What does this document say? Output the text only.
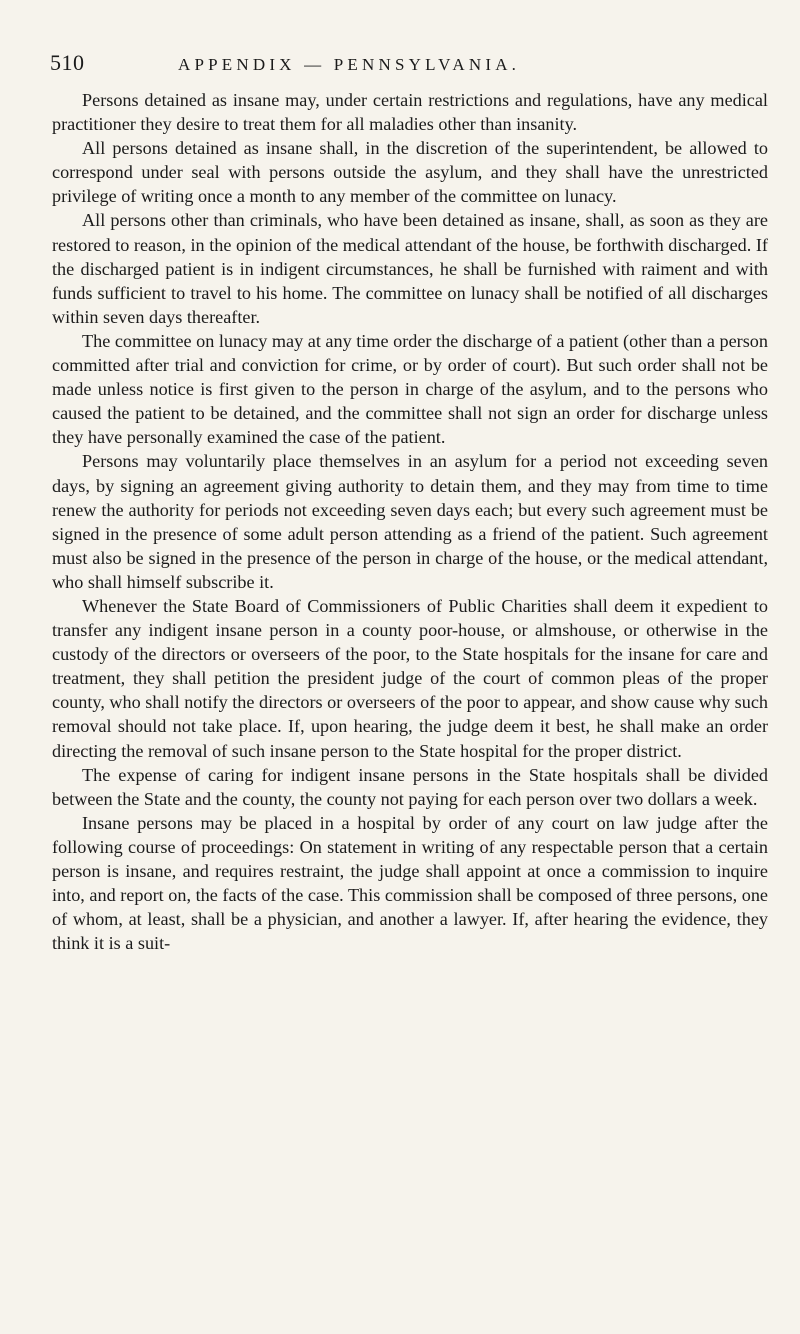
510	APPENDIX — PENNSYLVANIA.

Persons detained as insane may, under certain restrictions and regulations, have any medical practitioner they desire to treat them for all maladies other than insanity.

All persons detained as insane shall, in the discretion of the superintendent, be allowed to correspond under seal with persons outside the asylum, and they shall have the unrestricted privilege of writing once a month to any member of the committee on lunacy.

All persons other than criminals, who have been detained as insane, shall, as soon as they are restored to reason, in the opinion of the medical attendant of the house, be forthwith discharged. If the discharged patient is in indigent circumstances, he shall be furnished with raiment and with funds sufficient to travel to his home. The committee on lunacy shall be notified of all discharges within seven days thereafter.

The committee on lunacy may at any time order the discharge of a patient (other than a person committed after trial and conviction for crime, or by order of court). But such order shall not be made unless notice is first given to the person in charge of the asylum, and to the persons who caused the patient to be detained, and the committee shall not sign an order for discharge unless they have personally examined the case of the patient.

Persons may voluntarily place themselves in an asylum for a period not exceeding seven days, by signing an agreement giving authority to detain them, and they may from time to time renew the authority for periods not exceeding seven days each; but every such agreement must be signed in the presence of some adult person attending as a friend of the patient. Such agreement must also be signed in the presence of the person in charge of the house, or the medical attendant, who shall himself subscribe it.

Whenever the State Board of Commissioners of Public Charities shall deem it expedient to transfer any indigent insane person in a county poor-house, or almshouse, or otherwise in the custody of the directors or overseers of the poor, to the State hospitals for the insane for care and treatment, they shall petition the president judge of the court of common pleas of the proper county, who shall notify the directors or overseers of the poor to appear, and show cause why such removal should not take place. If, upon hearing, the judge deem it best, he shall make an order directing the removal of such insane person to the State hospital for the proper district.

The expense of caring for indigent insane persons in the State hospitals shall be divided between the State and the county, the county not paying for each person over two dollars a week.

Insane persons may be placed in a hospital by order of any court on law judge after the following course of proceedings: On statement in writing of any respectable person that a certain person is insane, and requires restraint, the judge shall appoint at once a commission to inquire into, and report on, the facts of the case. This commission shall be composed of three persons, one of whom, at least, shall be a physician, and another a lawyer. If, after hearing the evidence, they think it is a suit-
